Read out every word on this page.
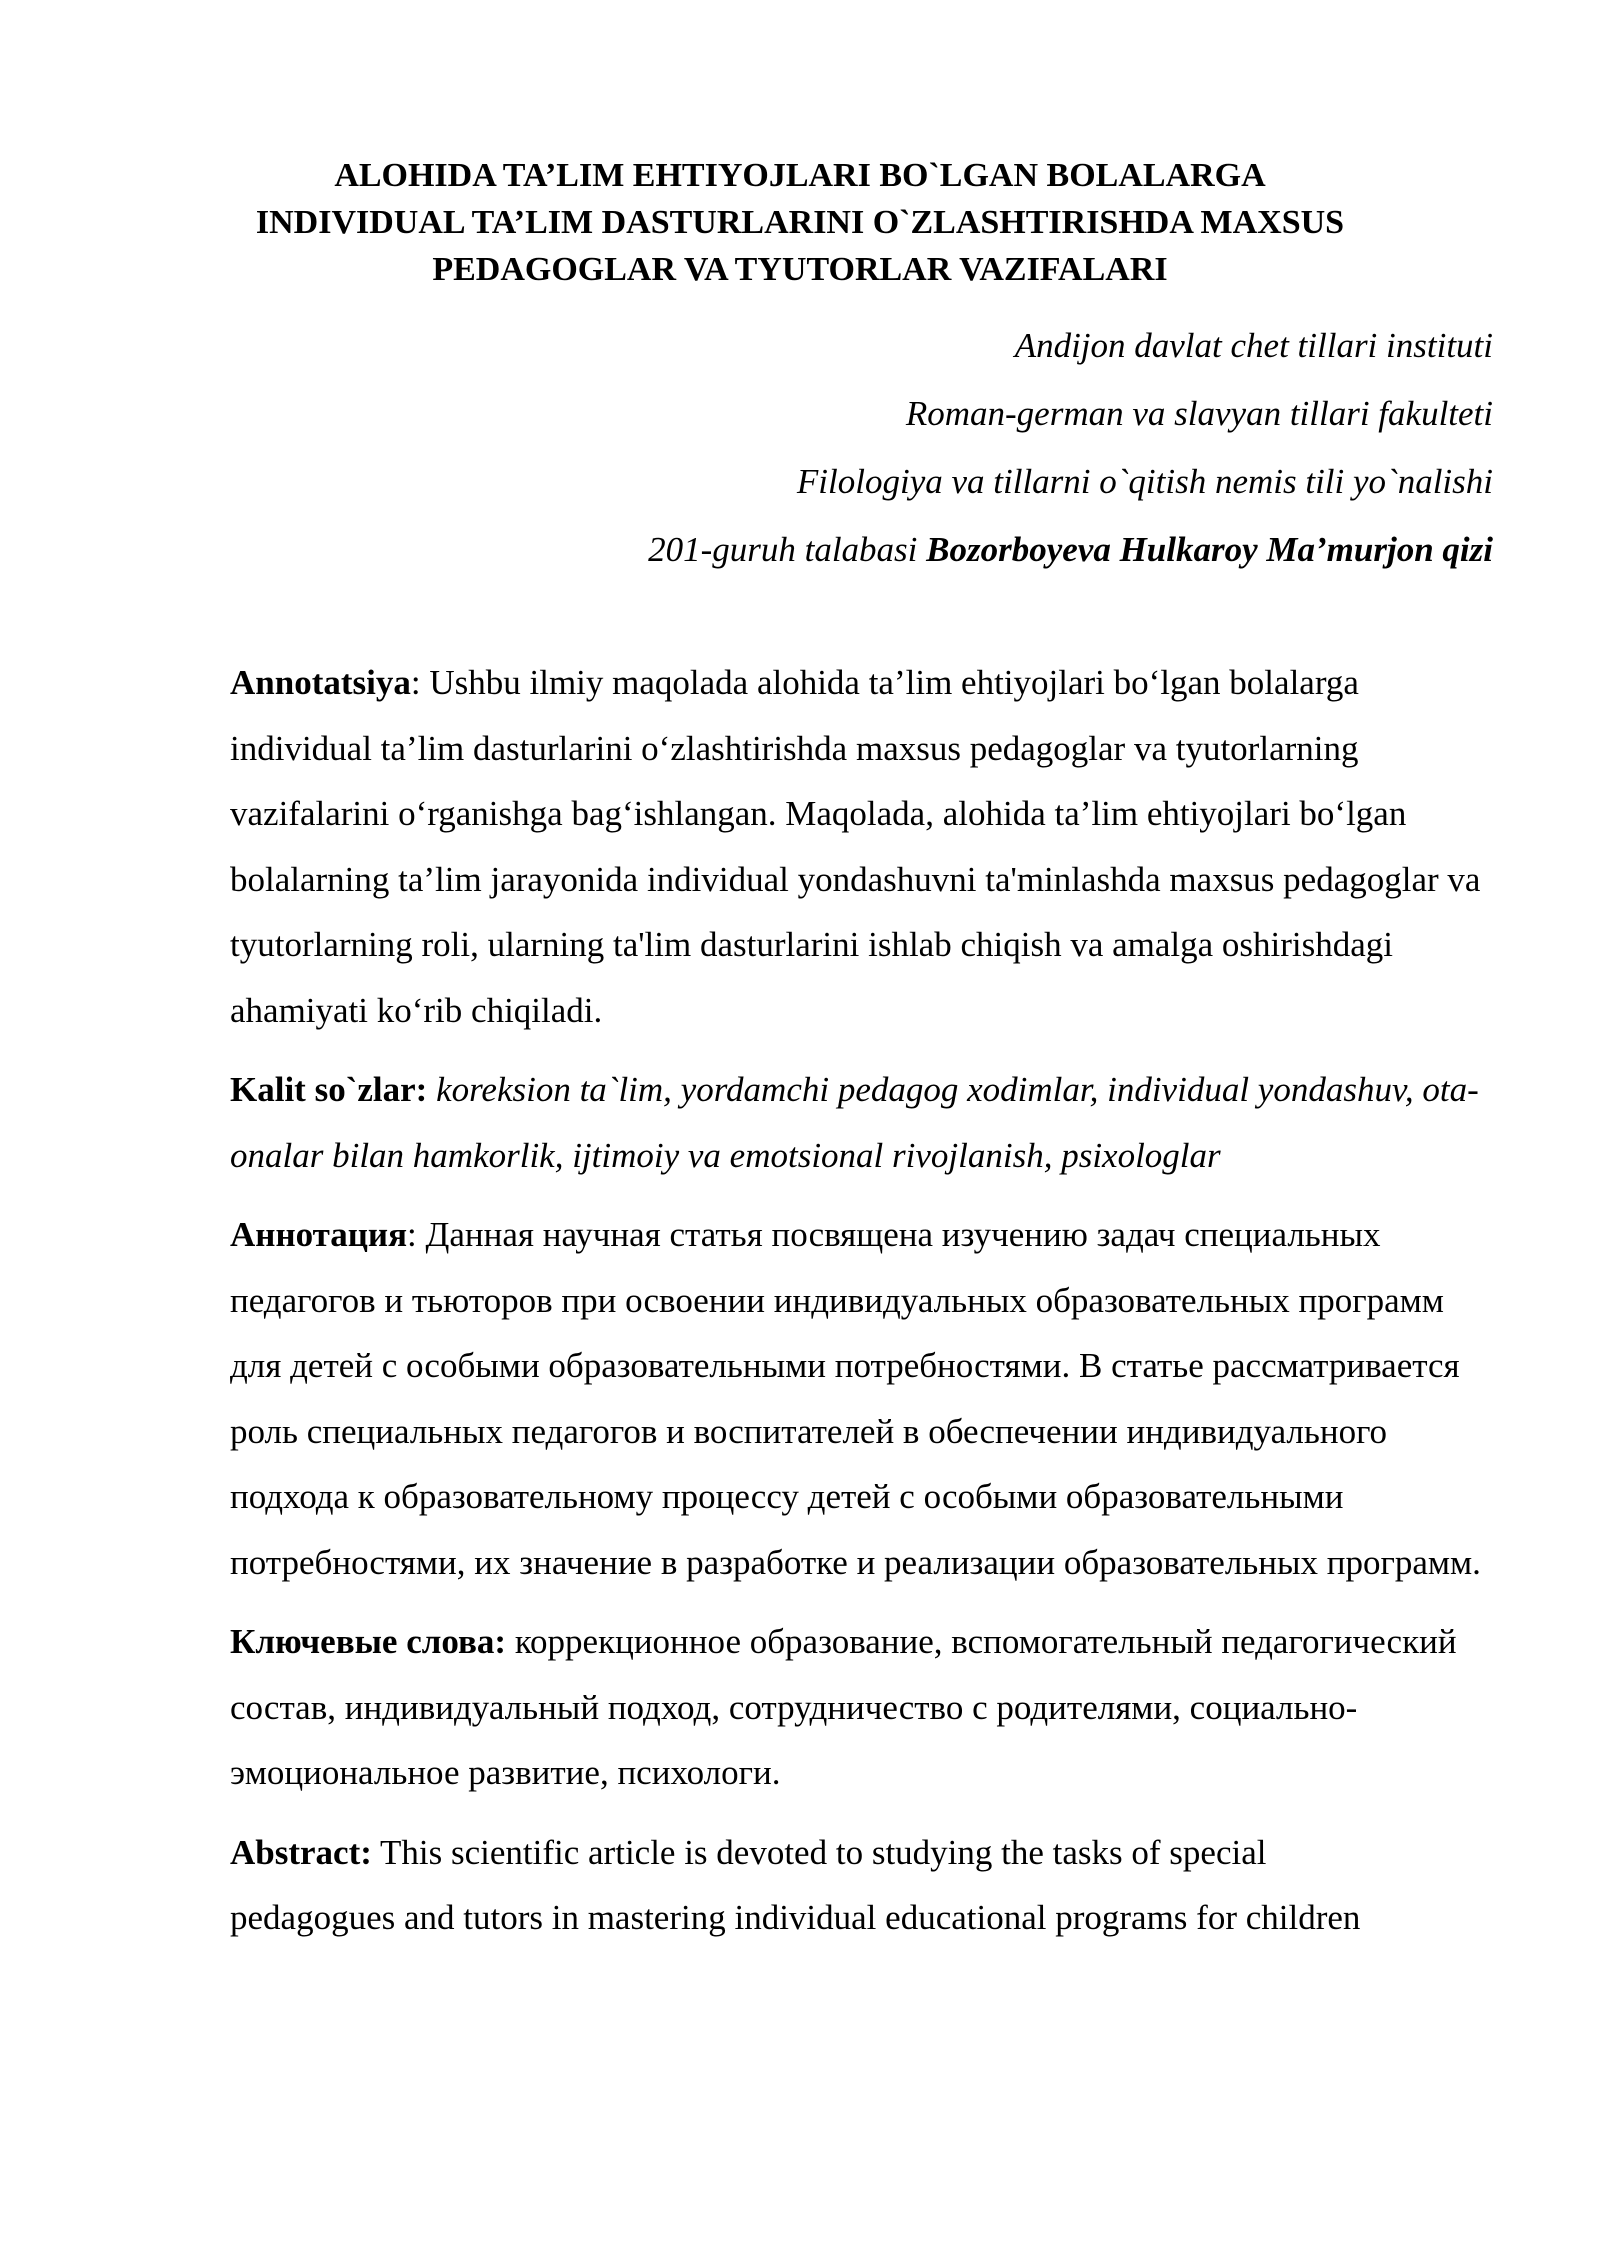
ALOHIDA TA’LIM EHTIYOJLARI BO`LGAN BOLALARGA
INDIVIDUAL TA’LIM DASTURLARINI O`ZLASHTIRISHDA MAXSUS
PEDAGOGLAR VA TYUTORLAR VAZIFALARI
Andijon davlat chet tillari instituti
Roman-german va slavyan tillari fakulteti
Filologiya va tillarni o`qitish nemis tili yo`nalishi
201-guruh talabasi Bozorboyeva Hulkaroy Ma’murjon qizi

Annotatsiya: Ushbu ilmiy maqolada alohida ta’lim ehtiyojlari bo‘lgan bolalarga individual ta’lim dasturlarini o‘zlashtirishda maxsus pedagoglar va tyutorlarning vazifalarini o‘rganishga bag‘ishlangan. Maqolada, alohida ta’lim ehtiyojlari bo‘lgan bolalarning ta’lim jarayonida individual yondashuvni ta'minlashda maxsus pedagoglar va tyutorlarning roli, ularning ta'lim dasturlarini ishlab chiqish va amalga oshirishdagi ahamiyati ko‘rib chiqiladi.

Kalit so`zlar: koreksion ta`lim, yordamchi pedagog xodimlar, individual yondashuv, ota-onalar bilan hamkorlik, ijtimoiy va emotsional rivojlanish, psixologlar

Аннотация: Данная научная статья посвящена изучению задач специальных педагогов и тьюторов при освоении индивидуальных образовательных программ для детей с особыми образовательными потребностями. В статье рассматривается роль специальных педагогов и воспитателей в обеспечении индивидуального подхода к образовательному процессу детей с особыми образовательными потребностями, их значение в разработке и реализации образовательных программ.

Ключевые слова: коррекционное образование, вспомогательный педагогический состав, индивидуальный подход, сотрудничество с родителями, социально-эмоциональное развитие, психологи.

Abstract: This scientific article is devoted to studying the tasks of special
pedagogues and tutors in mastering individual educational programs for children
